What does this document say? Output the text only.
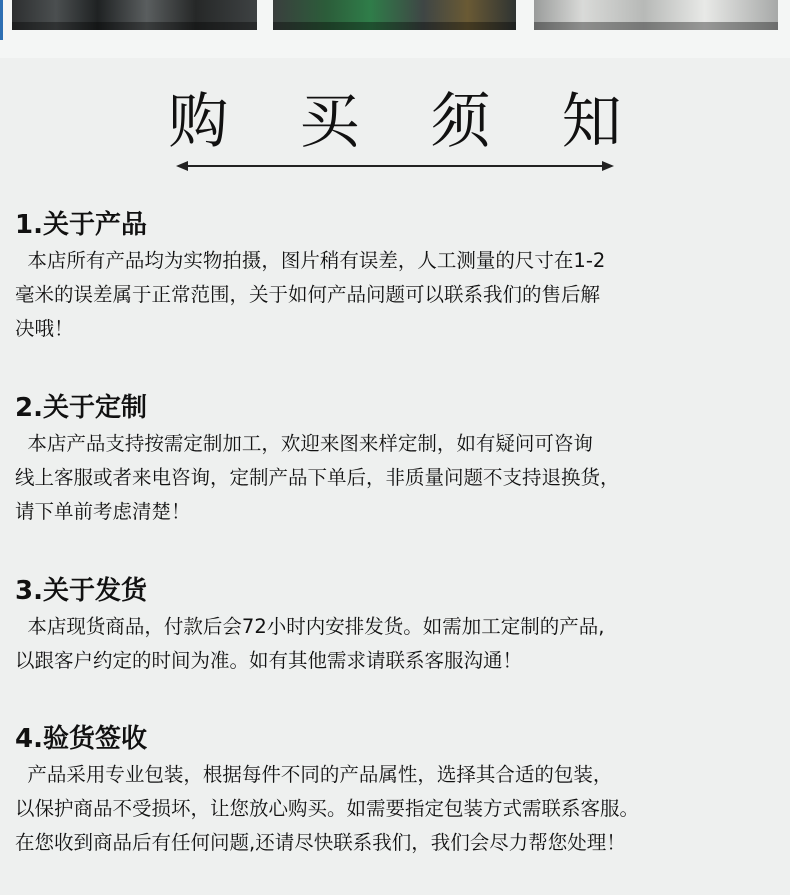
购 买 须 知
1.关于产品

本店所有产品均为实物拍摄，图片稍有误差，人工测量的尺寸在1-2
毫米的误差属于正常范围，关于如何产品问题可以联系我们的售后解
决哦！

2.关于定制

本店产品支持按需定制加工，欢迎来图来样定制，如有疑问可咨询
线上客服或者来电咨询，定制产品下单后，非质量问题不支持退换货，
请下单前考虑清楚！

3.关于发货

本店现货商品，付款后会72小时内安排发货。如需加工定制的产品,
以跟客户约定的时间为准。如有其他需求请联系客服沟通！

4.验货签收

产品采用专业包装，根据每件不同的产品属性，选择其合适的包装，
以保护商品不受损坏，让您放心购买。如需要指定包装方式需联系客服。
在您收到商品后有任何问题,还请尽快联系我们，我们会尽力帮您处理！
